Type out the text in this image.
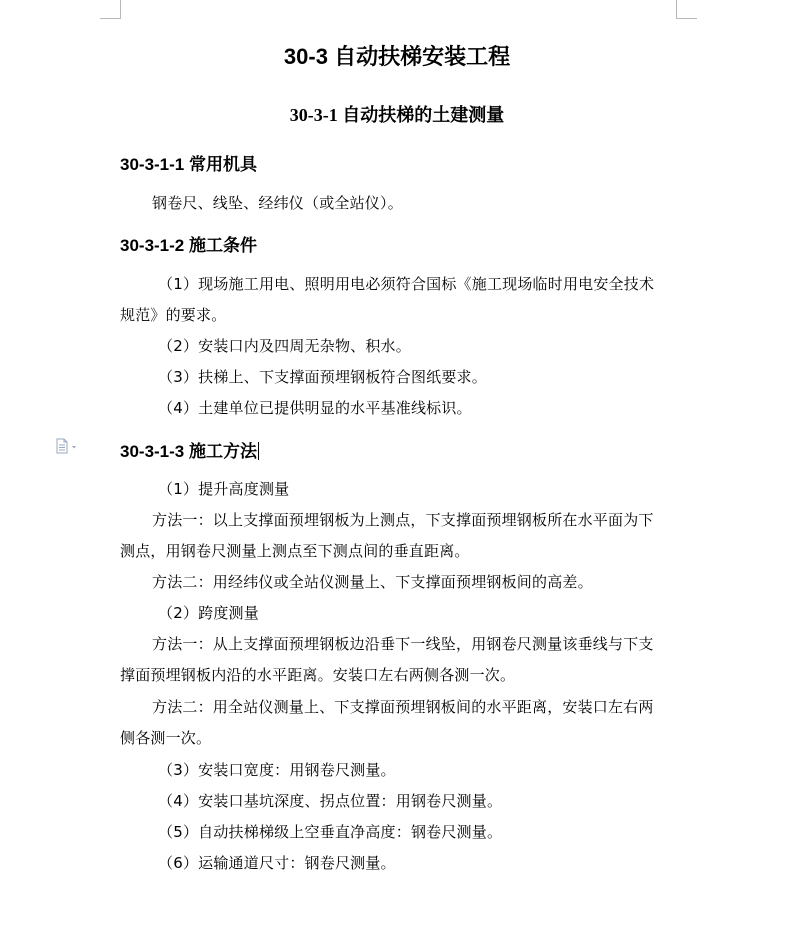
30-3 自动扶梯安装工程
30-3-1 自动扶梯的土建测量
30-3-1-1 常用机具
钢卷尺、线坠、经纬仪（或全站仪）。
30-3-1-2 施工条件
（1）现场施工用电、照明用电必须符合国标《施工现场临时用电安全技术
规范》的要求。
（2）安装口内及四周无杂物、积水。
（3）扶梯上、下支撑面预埋钢板符合图纸要求。
（4）土建单位已提供明显的水平基准线标识。
30-3-1-3 施工方法
（1）提升高度测量
方法一：以上支撑面预埋钢板为上测点，下支撑面预埋钢板所在水平面为下
测点，用钢卷尺测量上测点至下测点间的垂直距离。
方法二：用经纬仪或全站仪测量上、下支撑面预埋钢板间的高差。
（2）跨度测量
方法一：从上支撑面预埋钢板边沿垂下一线坠，用钢卷尺测量该垂线与下支
撑面预埋钢板内沿的水平距离。安装口左右两侧各测一次。
方法二：用全站仪测量上、下支撑面预埋钢板间的水平距离，安装口左右两
侧各测一次。
（3）安装口宽度：用钢卷尺测量。
（4）安装口基坑深度、拐点位置：用钢卷尺测量。
（5）自动扶梯梯级上空垂直净高度：钢卷尺测量。
（6）运输通道尺寸：钢卷尺测量。
